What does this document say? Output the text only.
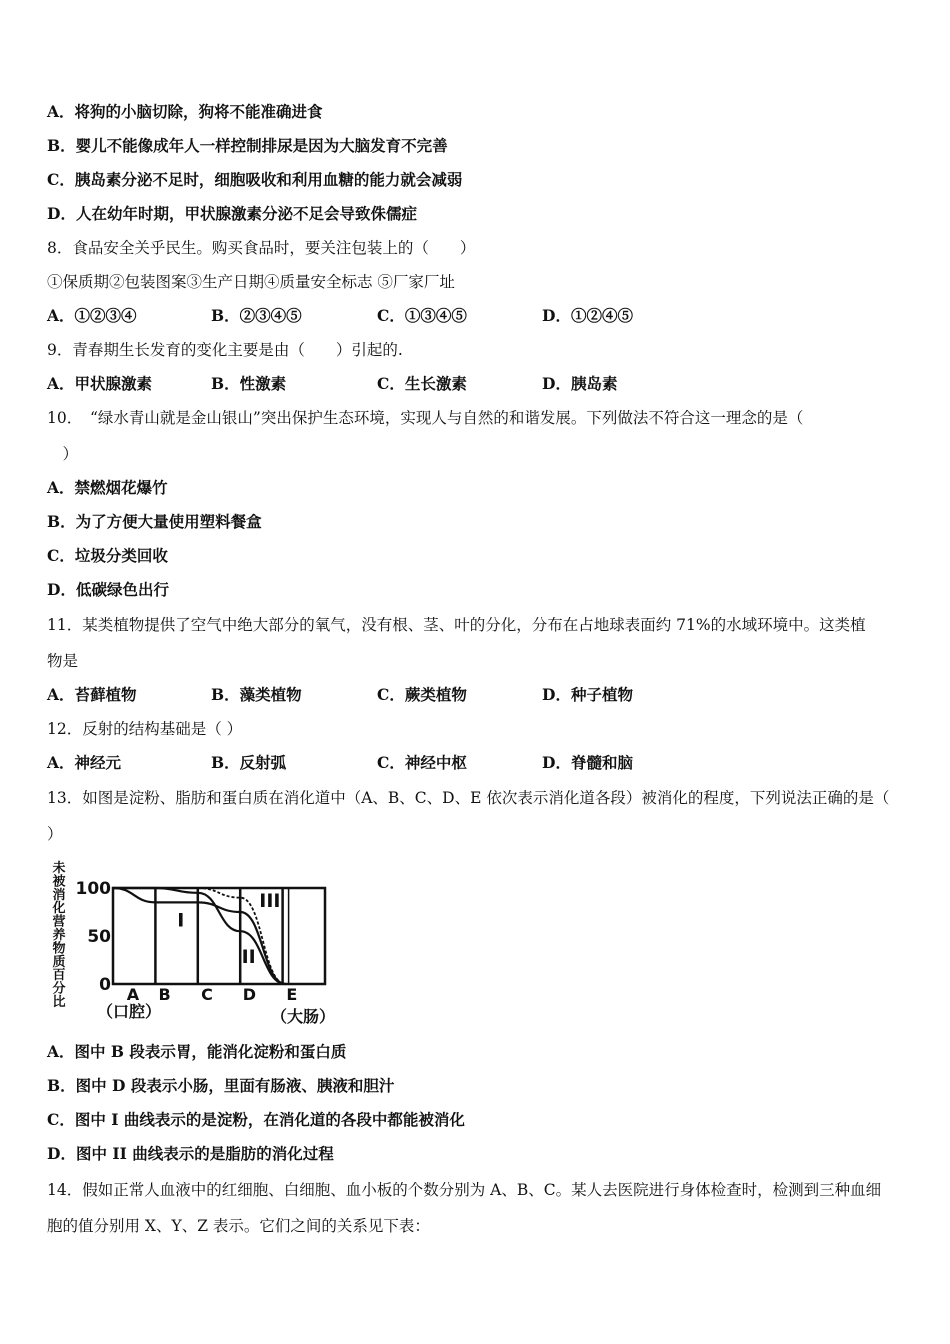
A．将狗的小脑切除，狗将不能准确进食
B．婴儿不能像成年人一样控制排尿是因为大脑发育不完善
C．胰岛素分泌不足时，细胞吸收和利用血糖的能力就会减弱
D．人在幼年时期，甲状腺激素分泌不足会导致侏儒症
8．食品安全关乎民生。购买食品时，要关注包装上的（　　）
①保质期②包装图案③生产日期④质量安全标志 ⑤厂家厂址
A．①②③④	B．②③④⑤	C．①③④⑤	D．①②④⑤
9．青春期生长发育的变化主要是由（　　）引起的.
A．甲状腺激素	B．性激素	C．生长激素	D．胰岛素
10．　“绿水青山就是金山银山”突出保护生态环境，实现人与自然的和谐发展。下列做法不符合这一理念的是（
　）
A．禁燃烟花爆竹
B．为了方便大量使用塑料餐盒
C．垃圾分类回收
D．低碳绿色出行
11．某类植物提供了空气中绝大部分的氧气，没有根、茎、叶的分化，分布在占地球表面约 71%的水域环境中。这类植
物是
A．苔藓植物	B．藻类植物	C．蕨类植物	D．种子植物
12．反射的结构基础是（ ）
A．神经元	B．反射弧	C．神经中枢	D．脊髓和脑
13．如图是淀粉、脂肪和蛋白质在消化道中（A、B、C、D、E 依次表示消化道各段）被消化的程度，下列说法正确的是（
）
未
被
消
化
营
养
物
质
百
分
比
100
50
0
I
II
III
A B C D E
（口腔）	（大肠）
A．图中 B 段表示胃，能消化淀粉和蛋白质
B．图中 D 段表示小肠，里面有肠液、胰液和胆汁
C．图中 I 曲线表示的是淀粉，在消化道的各段中都能被消化
D．图中 II 曲线表示的是脂肪的消化过程
14．假如正常人血液中的红细胞、白细胞、血小板的个数分别为 A、B、C。某人去医院进行身体检查时，检测到三种血细
胞的值分别用 X、Y、Z 表示。它们之间的关系见下表：
